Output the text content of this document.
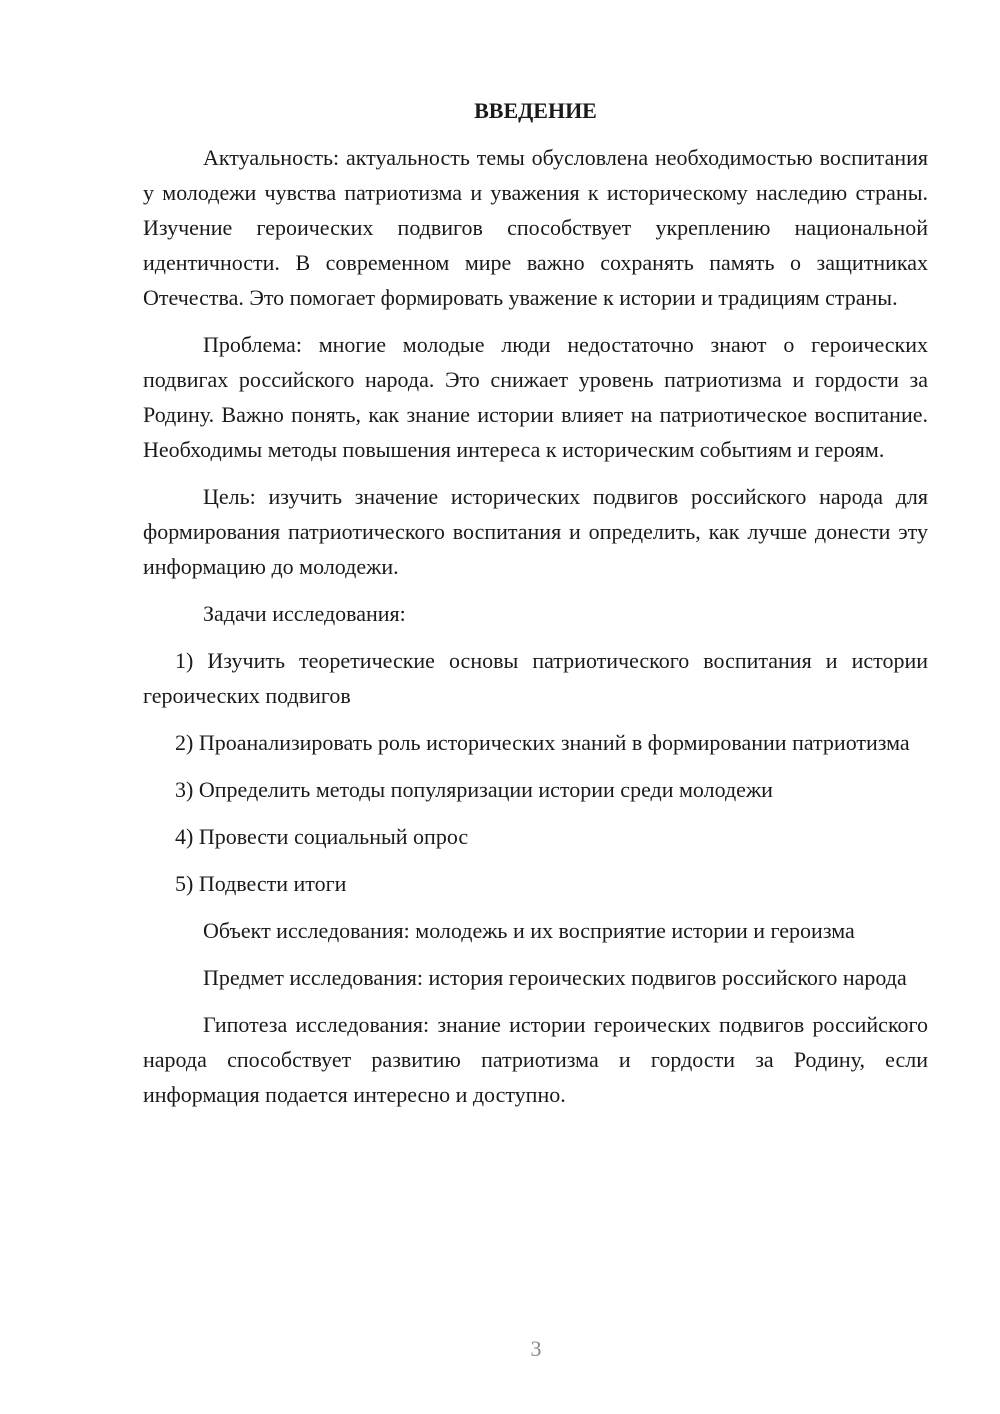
ВВЕДЕНИЕ

Актуальность: актуальность темы обусловлена необходимостью воспитания у молодежи чувства патриотизма и уважения к историческому наследию страны. Изучение героических подвигов способствует укреплению национальной идентичности. В современном мире важно сохранять память о защитниках Отечества. Это помогает формировать уважение к истории и традициям страны.

Проблема: многие молодые люди недостаточно знают о героических подвигах российского народа. Это снижает уровень патриотизма и гордости за Родину. Важно понять, как знание истории влияет на патриотическое воспитание. Необходимы методы повышения интереса к историческим событиям и героям.

Цель: изучить значение исторических подвигов российского народа для формирования патриотического воспитания и определить, как лучше донести эту информацию до молодежи.

Задачи исследования:

1) Изучить теоретические основы патриотического воспитания и истории героических подвигов

2) Проанализировать роль исторических знаний в формировании патриотизма

3) Определить методы популяризации истории среди молодежи

4) Провести социальный опрос

5) Подвести итоги

Объект исследования: молодежь и их восприятие истории и героизма

Предмет исследования: история героических подвигов российского народа

Гипотеза исследования: знание истории героических подвигов российского народа способствует развитию патриотизма и гордости за Родину, если информация подается интересно и доступно.

3
